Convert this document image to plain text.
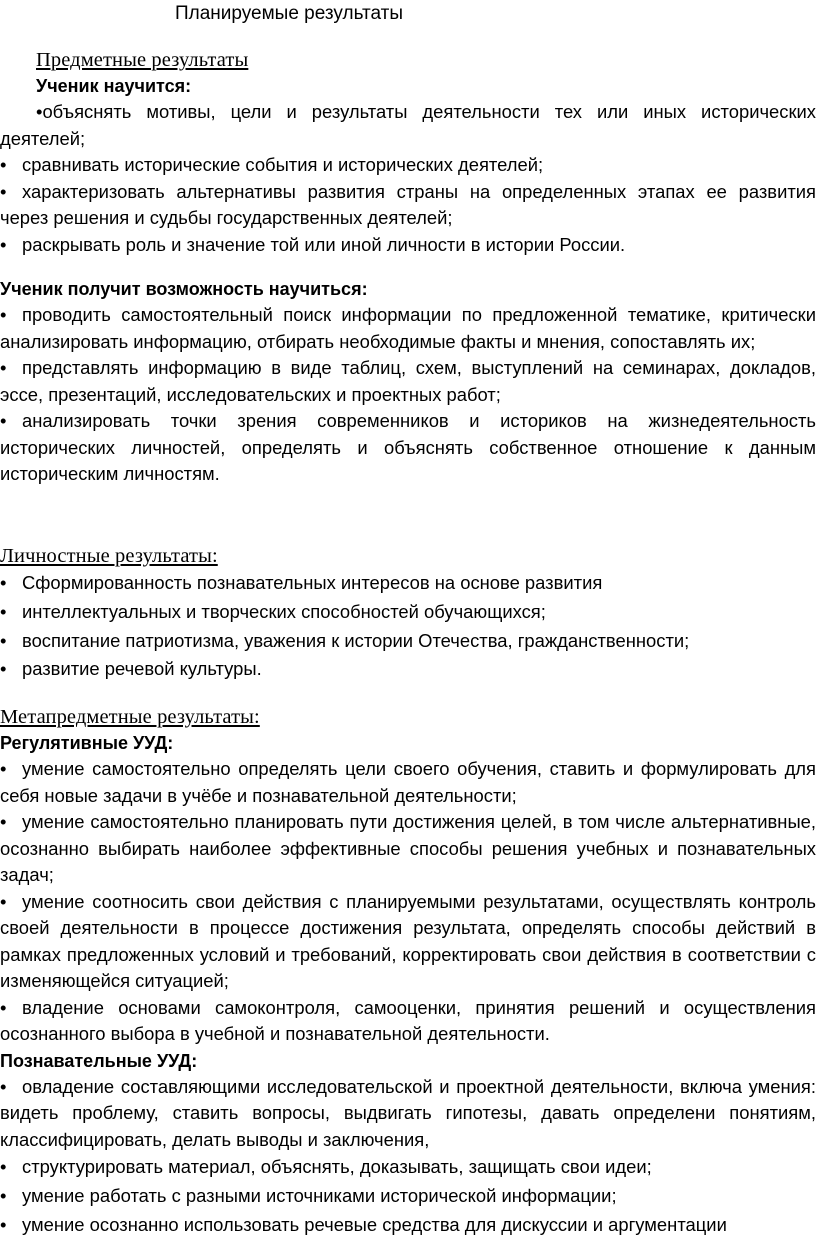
Планируемые результаты
Предметные результаты
Ученик научится:

•объяснять мотивы, цели и результаты деятельности тех или иных исторических деятелей;

• сравнивать исторические события и исторических деятелей;

• характеризовать альтернативы развития страны на определенных этапах ее развития через решения и судьбы государственных деятелей;

• раскрывать роль и значение той или иной личности в истории России.

Ученик получит возможность научиться:

• проводить самостоятельный поиск информации по предложенной тематике, критически анализировать информацию, отбирать необходимые факты и мнения, сопоставлять их;

• представлять информацию в виде таблиц, схем, выступлений на семинарах, докладов, эссе, презентаций, исследовательских и проектных работ;

• анализировать точки зрения современников и историков на жизнедеятельность исторических личностей, определять и объяснять собственное отношение к данным историческим личностям.

Личностные результаты:

• Сформированность познавательных интересов на основе развития

• интеллектуальных и творческих способностей обучающихся;

• воспитание патриотизма, уважения к истории Отечества, гражданственности;

• развитие речевой культуры.

Метапредметные результаты:
Регулятивные УУД:

• умение самостоятельно определять цели своего обучения, ставить и формулировать для себя новые задачи в учёбе и познавательной деятельности;

• умение самостоятельно планировать пути достижения целей, в том числе альтернативные, осознанно выбирать наиболее эффективные способы решения учебных и познавательных задач;

• умение соотносить свои действия с планируемыми результатами, осуществлять контроль своей деятельности в процессе достижения результата, определять способы действий в рамках предложенных условий и требований, корректировать свои действия в соответствии с изменяющейся ситуацией;

• владение основами самоконтроля, самооценки, принятия решений и осуществления осознанного выбора в учебной и познавательной деятельности.

Познавательные УУД:

• овладение составляющими исследовательской и проектной деятельности, включа умения: видеть проблему, ставить вопросы, выдвигать гипотезы, давать определени понятиям, классифицировать, делать выводы и заключения,

• структурировать материал, объяснять, доказывать, защищать свои идеи;

• умение работать с разными источниками исторической информации;

• умение осознанно использовать речевые средства для дискуссии и аргументации
